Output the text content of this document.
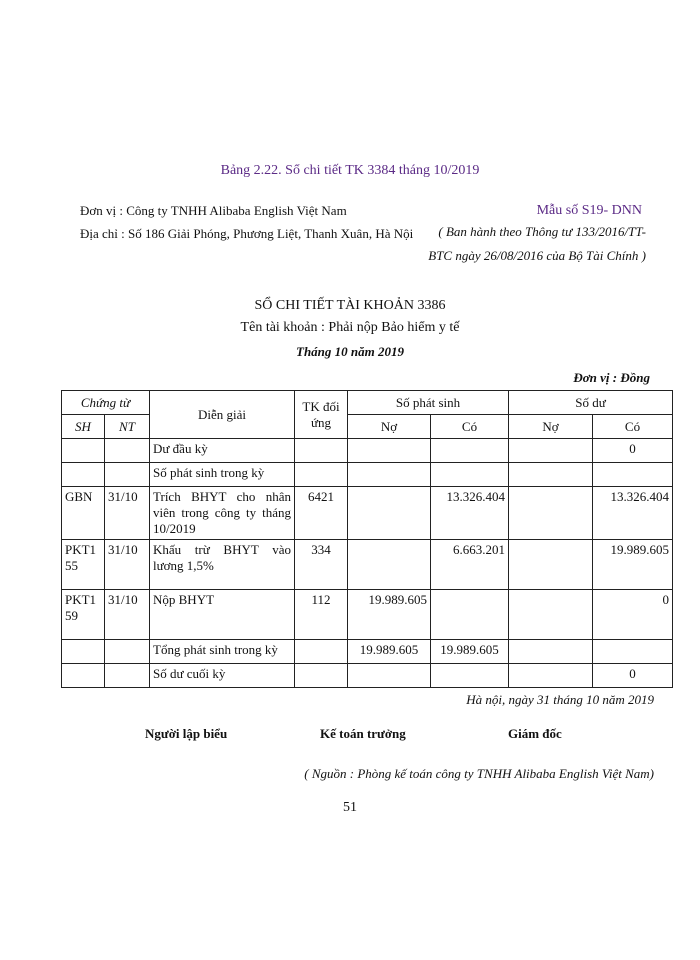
Bảng 2.22. Sổ chi tiết TK 3384 tháng 10/2019
Đơn vị : Công ty TNHH Alibaba English Việt Nam
Địa chỉ : Số 186 Giải Phóng, Phương Liệt, Thanh Xuân, Hà Nội
Mẫu số S19- DNN
( Ban hành theo Thông tư 133/2016/TT-
BTC ngày 26/08/2016 của Bộ Tài Chính )
SỔ CHI TIẾT TÀI KHOẢN 3386
Tên tài khoản : Phải nộp Bảo hiểm y tế
Tháng 10 năm 2019
Đơn vị : Đồng
Chứng từ		Diễn giải	TK đối ứng	Số phát sinh		Số dư	
SH	NT			Nợ	Có	Nợ	Có
		Dư đầu kỳ					0
		Số phát sinh trong kỳ					
GBN	31/10	Trích BHYT cho nhân viên trong công ty tháng 10/2019	6421		13.326.404		13.326.404
PKT155	31/10	Khấu trừ BHYT vào lương 1,5%	334		6.663.201		19.989.605
PKT159	31/10	Nộp BHYT	112	19.989.605			0
		Tổng phát sinh trong kỳ		19.989.605	19.989.605		
		Số dư cuối kỳ					0
Hà nội, ngày 31 tháng 10 năm 2019
Người lập biểu	Kế toán trưởng	Giám đốc
( Nguồn : Phòng kế toán công ty TNHH Alibaba English Việt Nam)
51
